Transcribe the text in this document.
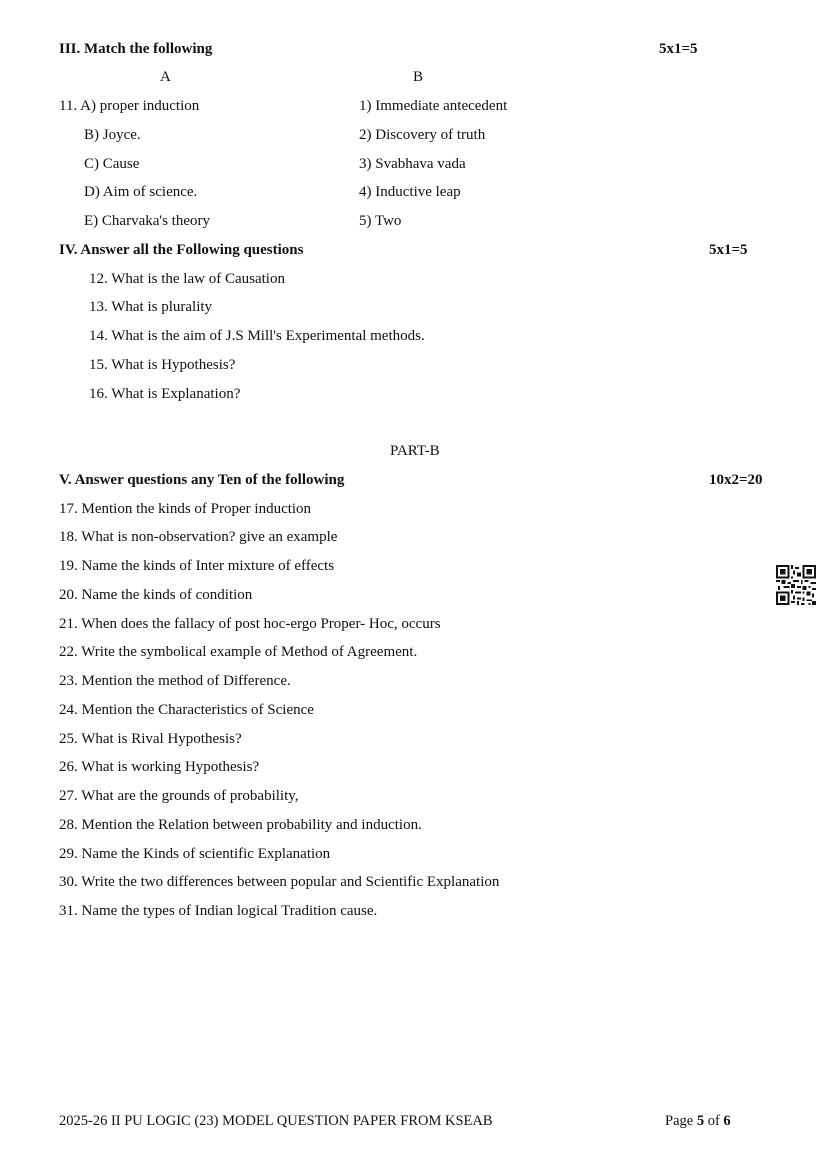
III. Match the following	5x1=5
A	B
11. A) proper induction	1) Immediate antecedent
B) Joyce.	2) Discovery of truth
C) Cause	3) Svabhava vada
D) Aim of science.	4) Inductive leap
E) Charvaka's theory	5) Two
IV. Answer all the Following questions	5x1=5
12. What is the law of Causation
13. What is plurality
14. What is the aim of J.S Mill's Experimental methods.
15. What is Hypothesis?
16. What is Explanation?
PART-B
V. Answer questions any Ten of the following	10x2=20
17. Mention the kinds of Proper induction
18. What is non-observation? give an example
19. Name the kinds of Inter mixture of effects
20. Name the kinds of condition
21. When does the fallacy of post hoc-ergo Proper- Hoc, occurs
22. Write the symbolical example of Method of Agreement.
23. Mention the method of Difference.
24. Mention the Characteristics of Science
25. What is Rival Hypothesis?
26. What is working Hypothesis?
27. What are the grounds of probability,
28. Mention the Relation between probability and induction.
29. Name the Kinds of scientific Explanation
30. Write the two differences between popular and Scientific Explanation
31. Name the types of Indian logical Tradition cause.
2025-26 II PU LOGIC (23) MODEL QUESTION PAPER FROM KSEAB	Page 5 of 6
